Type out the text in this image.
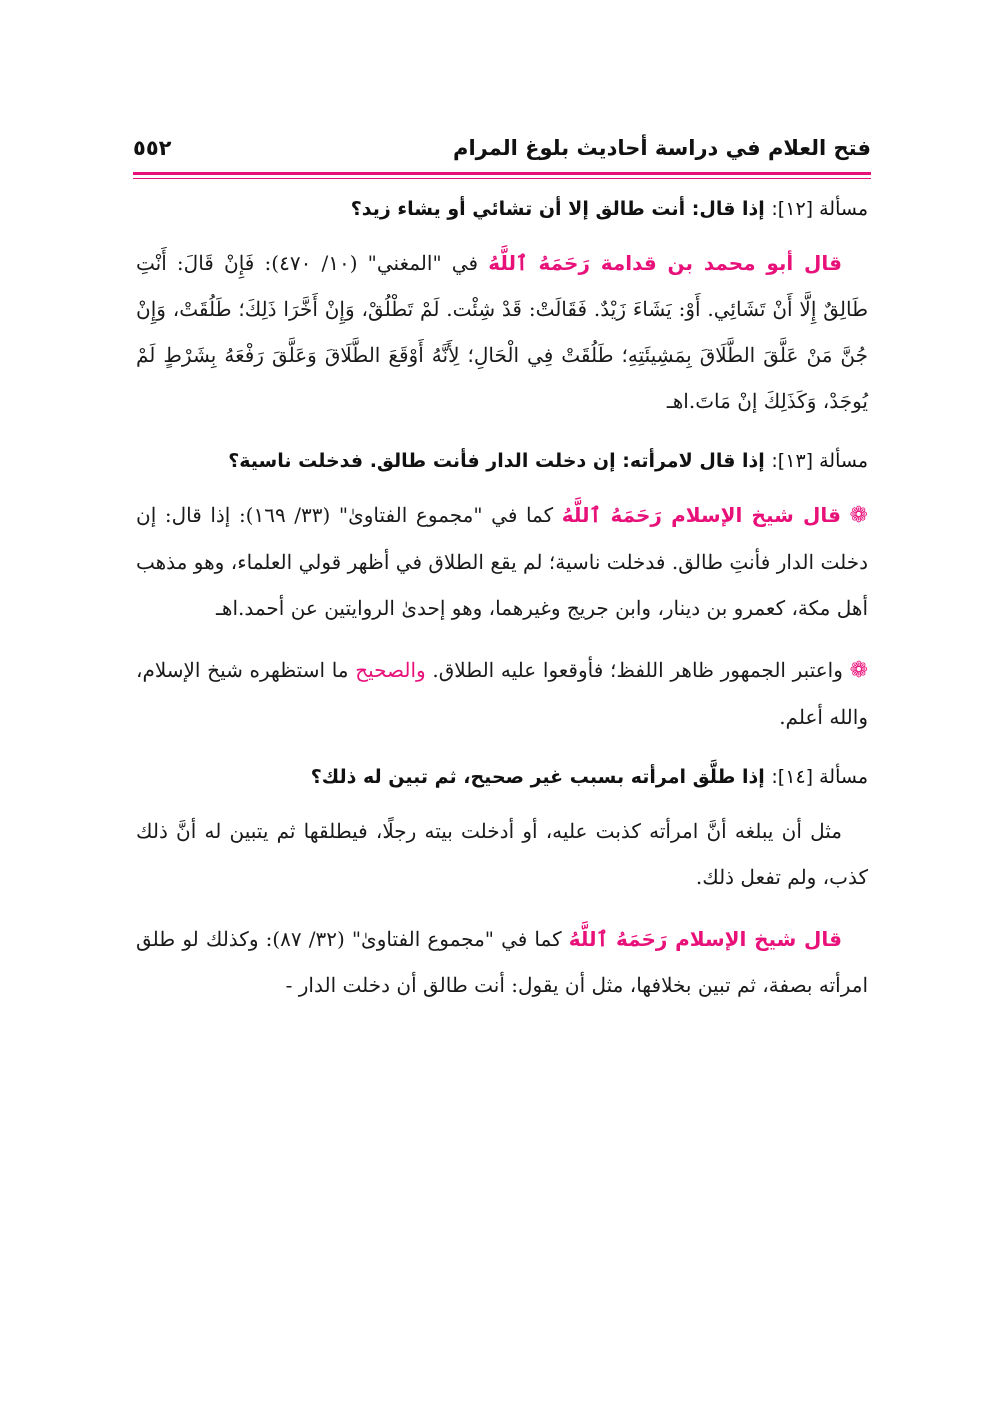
فتح العلام في دراسة أحاديث بلوغ المرام
٥٥٢

مسألة [١٢]: إذا قال: أنت طالق إلا أن تشائي أو يشاء زيد؟

قال أبو محمد بن قدامة رَحَمَهُ ٱللَّهُ في "المغني" (١٠/ ٤٧٠): فَإِنْ قَالَ: أَنْتِ طَالِقٌ إِلَّا أَنْ تَشَائِي. أَوْ: يَشَاءَ زَيْدٌ. فَقَالَتْ: قَدْ شِئْت. لَمْ تَطْلُقْ، وَإِنْ أَخَّرَا ذَلِكَ؛ طَلُقَتْ، وَإِنْ جُنَّ مَنْ عَلَّقَ الطَّلَاقَ بِمَشِيئَتِهِ؛ طَلُقَتْ فِي الْحَالِ؛ لِأَنَّهُ أَوْقَعَ الطَّلَاقَ وَعَلَّقَ رَفْعَهُ بِشَرْطٍ لَمْ يُوجَدْ، وَكَذَلِكَ إنْ مَاتَ.اهـ

مسألة [١٣]: إذا قال لامرأته: إن دخلت الدار فأنت طالق. فدخلت ناسية؟

❁ قال شيخ الإسلام رَحَمَهُ ٱللَّهُ كما في "مجموع الفتاوىٰ" (٣٣/ ١٦٩): إذا قال: إن دخلت الدار فأنتِ طالق. فدخلت ناسية؛ لم يقع الطلاق في أظهر قولي العلماء، وهو مذهب أهل مكة، كعمرو بن دينار، وابن جريج وغيرهما، وهو إحدىٰ الروايتين عن أحمد.اهـ

❁ واعتبر الجمهور ظاهر اللفظ؛ فأوقعوا عليه الطلاق. والصحيح ما استظهره شيخ الإسلام، والله أعلم.

مسألة [١٤]: إذا طلَّق امرأته بسبب غير صحيح، ثم تبين له ذلك؟

مثل أن يبلغه أنَّ امرأته كذبت عليه، أو أدخلت بيته رجلًا، فيطلقها ثم يتبين له أنَّ ذلك كذب، ولم تفعل ذلك.

قال شيخ الإسلام رَحَمَهُ ٱللَّهُ كما في "مجموع الفتاوىٰ" (٣٢/ ٨٧): وكذلك لو طلق امرأته بصفة، ثم تبين بخلافها، مثل أن يقول: أنت طالق أن دخلت الدار -
